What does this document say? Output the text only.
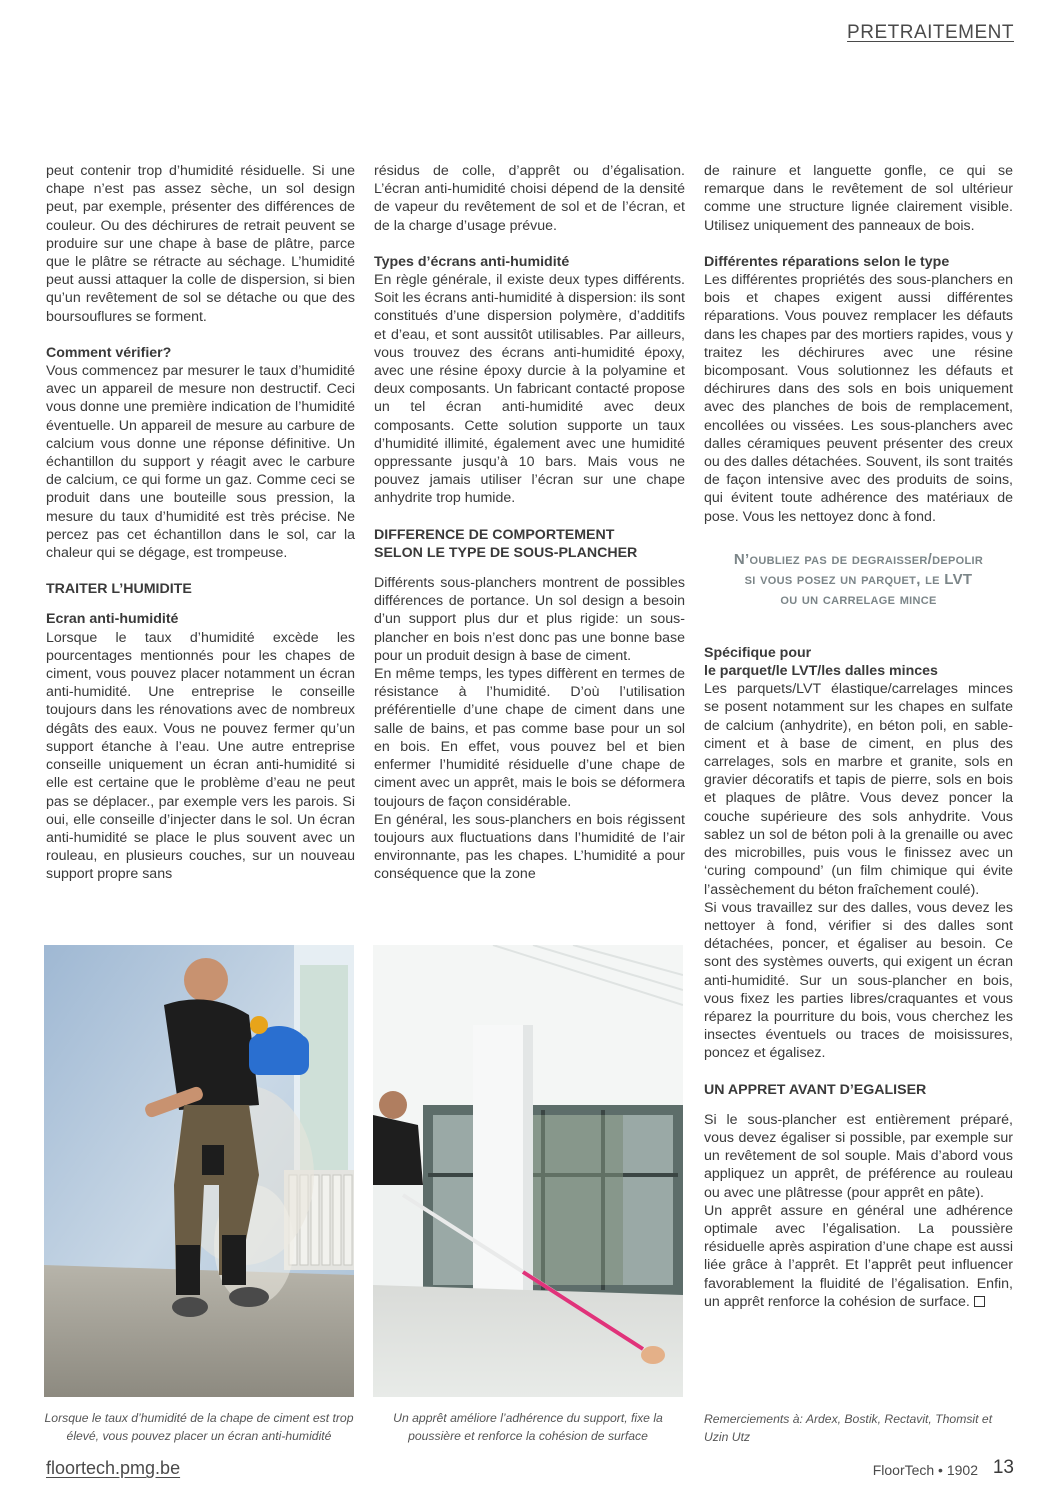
PRETRAITEMENT

peut contenir trop d’humidité résiduelle. Si une chape n’est pas assez sèche, un sol design peut, par exemple, présenter des différences de couleur. Ou des déchirures de retrait peuvent se produire sur une chape à base de plâtre, parce que le plâtre se rétracte au séchage. L’humidité peut aussi attaquer la colle de dispersion, si bien qu’un revêtement de sol se détache ou que des boursouflures se forment.

Comment vérifier?

Vous commencez par mesurer le taux d’humidité avec un appareil de mesure non destructif. Ceci vous donne une première indication de l’humidité éventuelle. Un appareil de mesure au carbure de calcium vous donne une réponse définitive. Un échantillon du support y réagit avec le carbure de calcium, ce qui forme un gaz. Comme ceci se produit dans une bouteille sous pression, la mesure du taux d’humidité est très précise. Ne percez pas cet échantillon dans le sol, car la chaleur qui se dégage, est trompeuse.

TRAITER L’HUMIDITE
Ecran anti-humidité

Lorsque le taux d’humidité excède les pourcentages mentionnés pour les chapes de ciment, vous pouvez placer notamment un écran anti-humidité. Une entreprise le conseille toujours dans les rénovations avec de nombreux dégâts des eaux. Vous ne pouvez fermer qu’un support étanche à l’eau. Une autre entreprise conseille uniquement un écran anti-humidité si elle est certaine que le problème d’eau ne peut pas se déplacer., par exemple vers les parois. Si oui, elle conseille d’injecter dans le sol. Un écran anti-humidité se place le plus souvent avec un rouleau, en plusieurs couches, sur un nouveau support propre sans

résidus de colle, d’apprêt ou d’égalisation. L’écran anti-humidité choisi dépend de la densité de vapeur du revêtement de sol et de l’écran, et de la charge d’usage prévue.

Types d’écrans anti-humidité

En règle générale, il existe deux types différents. Soit les écrans anti-humidité à dispersion: ils sont constitués d’une dispersion polymère, d’additifs et d’eau, et sont aussitôt utilisables. Par ailleurs, vous trouvez des écrans anti-humidité époxy, avec une résine époxy durcie à la polyamine et deux composants. Un fabricant contacté propose un tel écran anti-humidité avec deux composants. Cette solution supporte un taux d’humidité illimité, également avec une humidité oppressante jusqu’à 10 bars. Mais vous ne pouvez jamais utiliser l’écran sur une chape anhydrite trop humide.

DIFFERENCE DE COMPORTEMENT
SELON LE TYPE DE SOUS-PLANCHER

Différents sous-planchers montrent de possibles différences de portance. Un sol design a besoin d’un support plus dur et plus rigide: un sous-plancher en bois n’est donc pas une bonne base pour un produit design à base de ciment.

En même temps, les types diffèrent en termes de résistance à l’humidité. D’où l’utilisation préférentielle d’une chape de ciment dans une salle de bains, et pas comme base pour un sol en bois. En effet, vous pouvez bel et bien enfermer l’humidité résiduelle d’une chape de ciment avec un apprêt, mais le bois se déformera toujours de façon considérable.

En général, les sous-planchers en bois régissent toujours aux fluctuations dans l’humidité de l’air environnante, pas les chapes. L’humidité a pour conséquence que la zone

de rainure et languette gonfle, ce qui se remarque dans le revêtement de sol ultérieur comme une structure lignée clairement visible. Utilisez uniquement des panneaux de bois.

Différentes réparations selon le type

Les différentes propriétés des sous-planchers en bois et chapes exigent aussi différentes réparations. Vous pouvez remplacer les défauts dans les chapes par des mortiers rapides, vous y traitez les déchirures avec une résine bicomposant. Vous solutionnez les défauts et déchirures dans des sols en bois uniquement avec des planches de bois de remplacement, encollées ou vissées. Les sous-planchers avec dalles céramiques peuvent présenter des creux ou des dalles détachées. Souvent, ils sont traités de façon intensive avec des produits de soins, qui évitent toute adhérence des matériaux de pose. Vous les nettoyez donc à fond.

N’oubliez pas de degraisser/depolir
si vous posez un parquet, le LVT
ou un carrelage mince
Spécifique pour
le parquet/le LVT/les dalles minces

Les parquets/LVT élastique/carrelages minces se posent notamment sur les chapes en sulfate de calcium (anhydrite), en béton poli, en sable-ciment et à base de ciment, en plus des carrelages, sols en marbre et granite, sols en gravier décoratifs et tapis de pierre, sols en bois et plaques de plâtre. Vous devez poncer la couche supérieure des sols anhydrite. Vous sablez un sol de béton poli à la grenaille ou avec des microbilles, puis vous le finissez avec un ‘curing compound’ (un film chimique qui évite l’assèchement du béton fraîchement coulé).

Si vous travaillez sur des dalles, vous devez les nettoyer à fond, vérifier si des dalles sont détachées, poncer, et égaliser au besoin. Ce sont des systèmes ouverts, qui exigent un écran anti-humidité. Sur un sous-plancher en bois, vous fixez les parties libres/craquantes et vous réparez la pourriture du bois, vous cherchez les insectes éventuels ou traces de moisissures, poncez et égalisez.

UN APPRET AVANT D’EGALISER

Si le sous-plancher est entièrement préparé, vous devez égaliser si possible, par exemple sur un revêtement de sol souple. Mais d’abord vous appliquez un apprêt, de préférence au rouleau ou avec une plâtresse (pour apprêt en pâte).

Un apprêt assure en général une adhérence optimale avec l’égalisation. La poussière résiduelle après aspiration d’une chape est aussi liée grâce à l’apprêt. Et l’apprêt peut influencer favorablement la fluidité de l’égalisation. Enfin, un apprêt renforce la cohésion de surface.

Lorsque le taux d’humidité de la chape de ciment est trop élevé, vous pouvez placer un écran anti-humidité
Un apprêt améliore l’adhérence du support, fixe la poussière et renforce la cohésion de surface
Remerciements à: Ardex, Bostik, Rectavit, Thomsit et Uzin Utz
floortech.pmg.be	FloorTech • 1902 13
